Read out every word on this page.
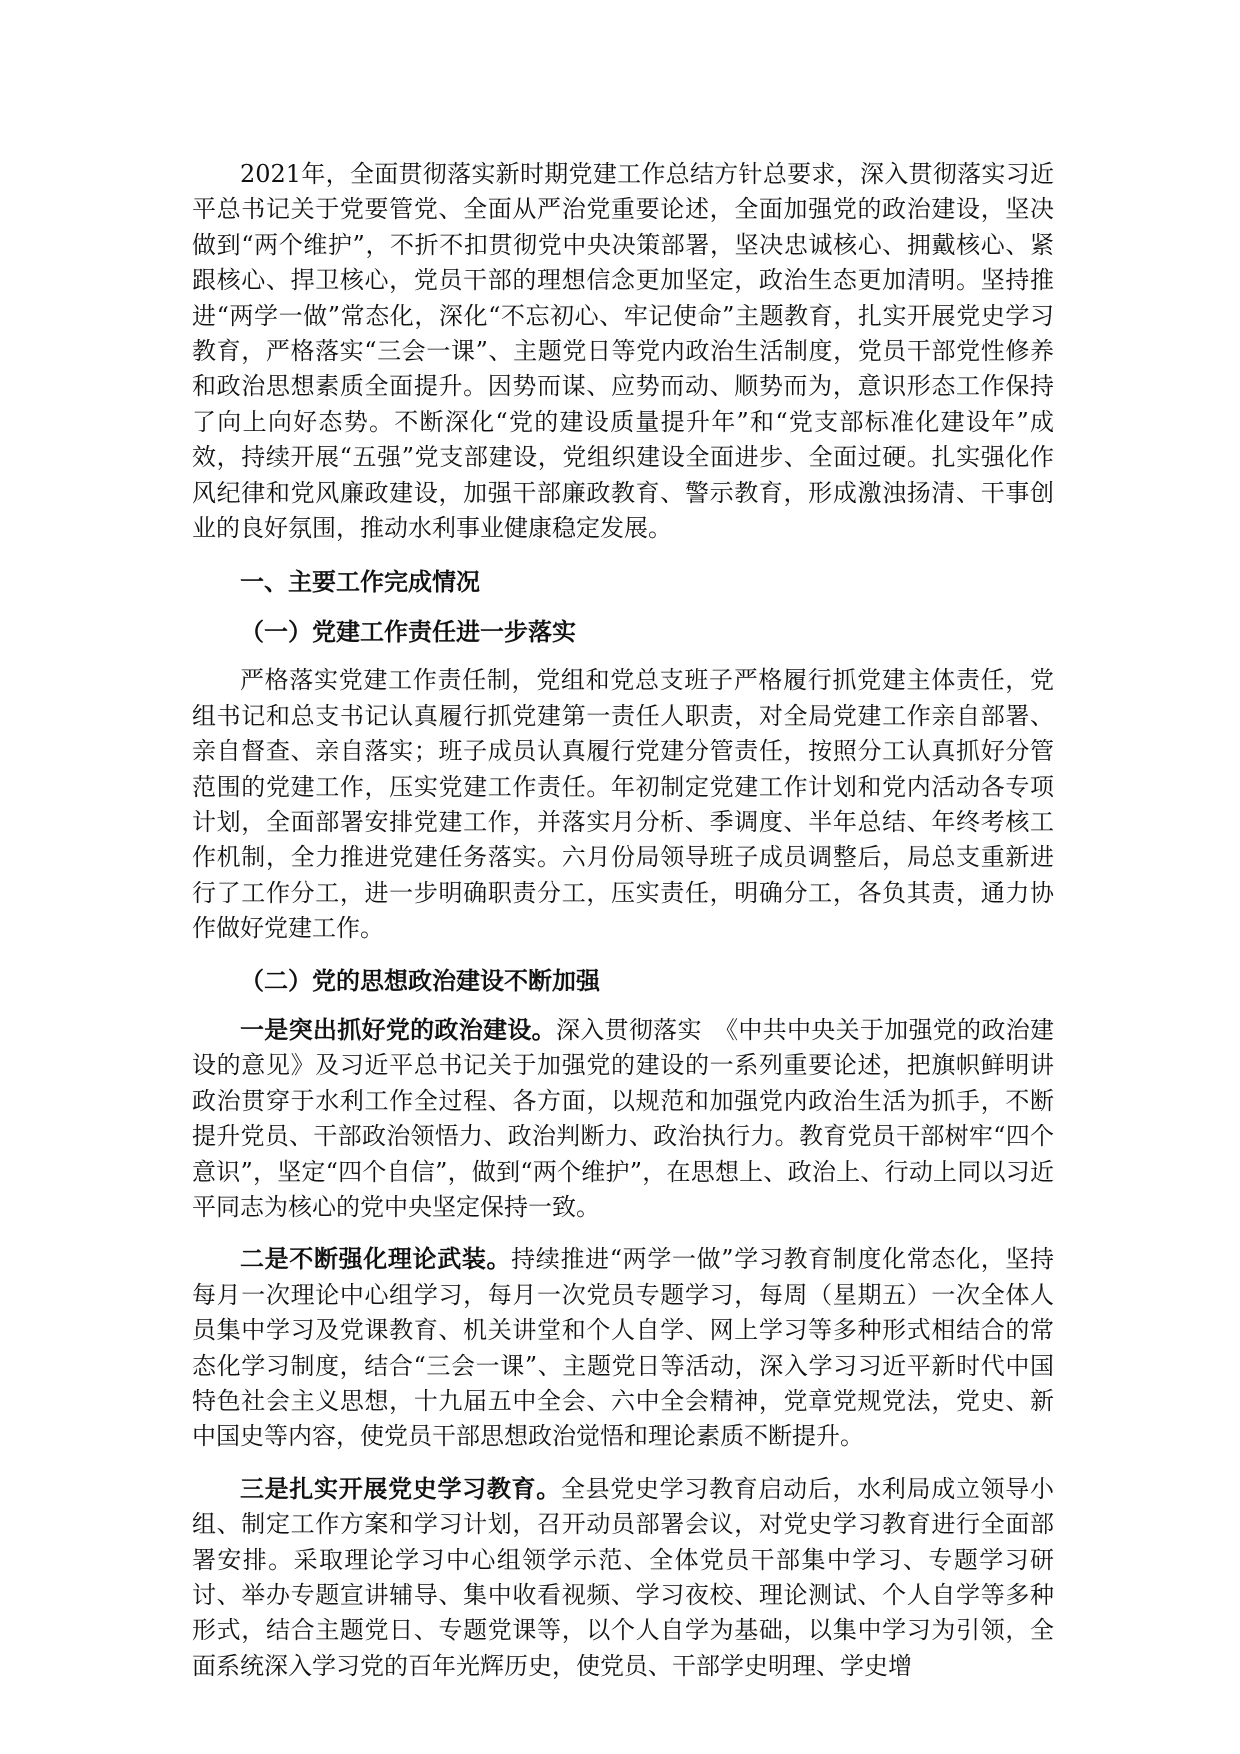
2021年，全面贯彻落实新时期党建工作总结方针总要求，深入贯彻落实习近平总书记关于党要管党、全面从严治党重要论述，全面加强党的政治建设，坚决做到“两个维护”，不折不扣贯彻党中央决策部署，坚决忠诚核心、拥戴核心、紧跟核心、捍卫核心，党员干部的理想信念更加坚定，政治生态更加清明。坚持推进“两学一做”常态化，深化“不忘初心、牢记使命”主题教育，扎实开展党史学习教育，严格落实“三会一课”、主题党日等党内政治生活制度，党员干部党性修养和政治思想素质全面提升。因势而谋、应势而动、顺势而为，意识形态工作保持了向上向好态势。不断深化“党的建设质量提升年”和“党支部标准化建设年”成效，持续开展“五强”党支部建设，党组织建设全面进步、全面过硬。扎实强化作风纪律和党风廉政建设，加强干部廉政教育、警示教育，形成激浊扬清、干事创业的良好氛围，推动水利事业健康稳定发展。

一、主要工作完成情况

（一）党建工作责任进一步落实

严格落实党建工作责任制，党组和党总支班子严格履行抓党建主体责任，党组书记和总支书记认真履行抓党建第一责任人职责，对全局党建工作亲自部署、亲自督查、亲自落实；班子成员认真履行党建分管责任，按照分工认真抓好分管范围的党建工作，压实党建工作责任。年初制定党建工作计划和党内活动各专项计划，全面部署安排党建工作，并落实月分析、季调度、半年总结、年终考核工作机制，全力推进党建任务落实。六月份局领导班子成员调整后，局总支重新进行了工作分工，进一步明确职责分工，压实责任，明确分工，各负其责，通力协作做好党建工作。

（二）党的思想政治建设不断加强

一是突出抓好党的政治建设。深入贯彻落实　《中共中央关于加强党的政治建设的意见》及习近平总书记关于加强党的建设的一系列重要论述，把旗帜鲜明讲政治贯穿于水利工作全过程、各方面，以规范和加强党内政治生活为抓手，不断提升党员、干部政治领悟力、政治判断力、政治执行力。教育党员干部树牢“四个意识”，坚定“四个自信”，做到“两个维护”，在思想上、政治上、行动上同以习近平同志为核心的党中央坚定保持一致。

二是不断强化理论武装。持续推进“两学一做”学习教育制度化常态化，坚持每月一次理论中心组学习，每月一次党员专题学习，每周（星期五）一次全体人员集中学习及党课教育、机关讲堂和个人自学、网上学习等多种形式相结合的常态化学习制度，结合“三会一课”、主题党日等活动，深入学习习近平新时代中国特色社会主义思想，十九届五中全会、六中全会精神，党章党规党法，党史、新中国史等内容，使党员干部思想政治觉悟和理论素质不断提升。

三是扎实开展党史学习教育。全县党史学习教育启动后，水利局成立领导小组、制定工作方案和学习计划，召开动员部署会议，对党史学习教育进行全面部署安排。采取理论学习中心组领学示范、全体党员干部集中学习、专题学习研讨、举办专题宣讲辅导、集中收看视频、学习夜校、理论测试、个人自学等多种形式，结合主题党日、专题党课等，以个人自学为基础，以集中学习为引领，全面系统深入学习党的百年光辉历史，使党员、干部学史明理、学史增
